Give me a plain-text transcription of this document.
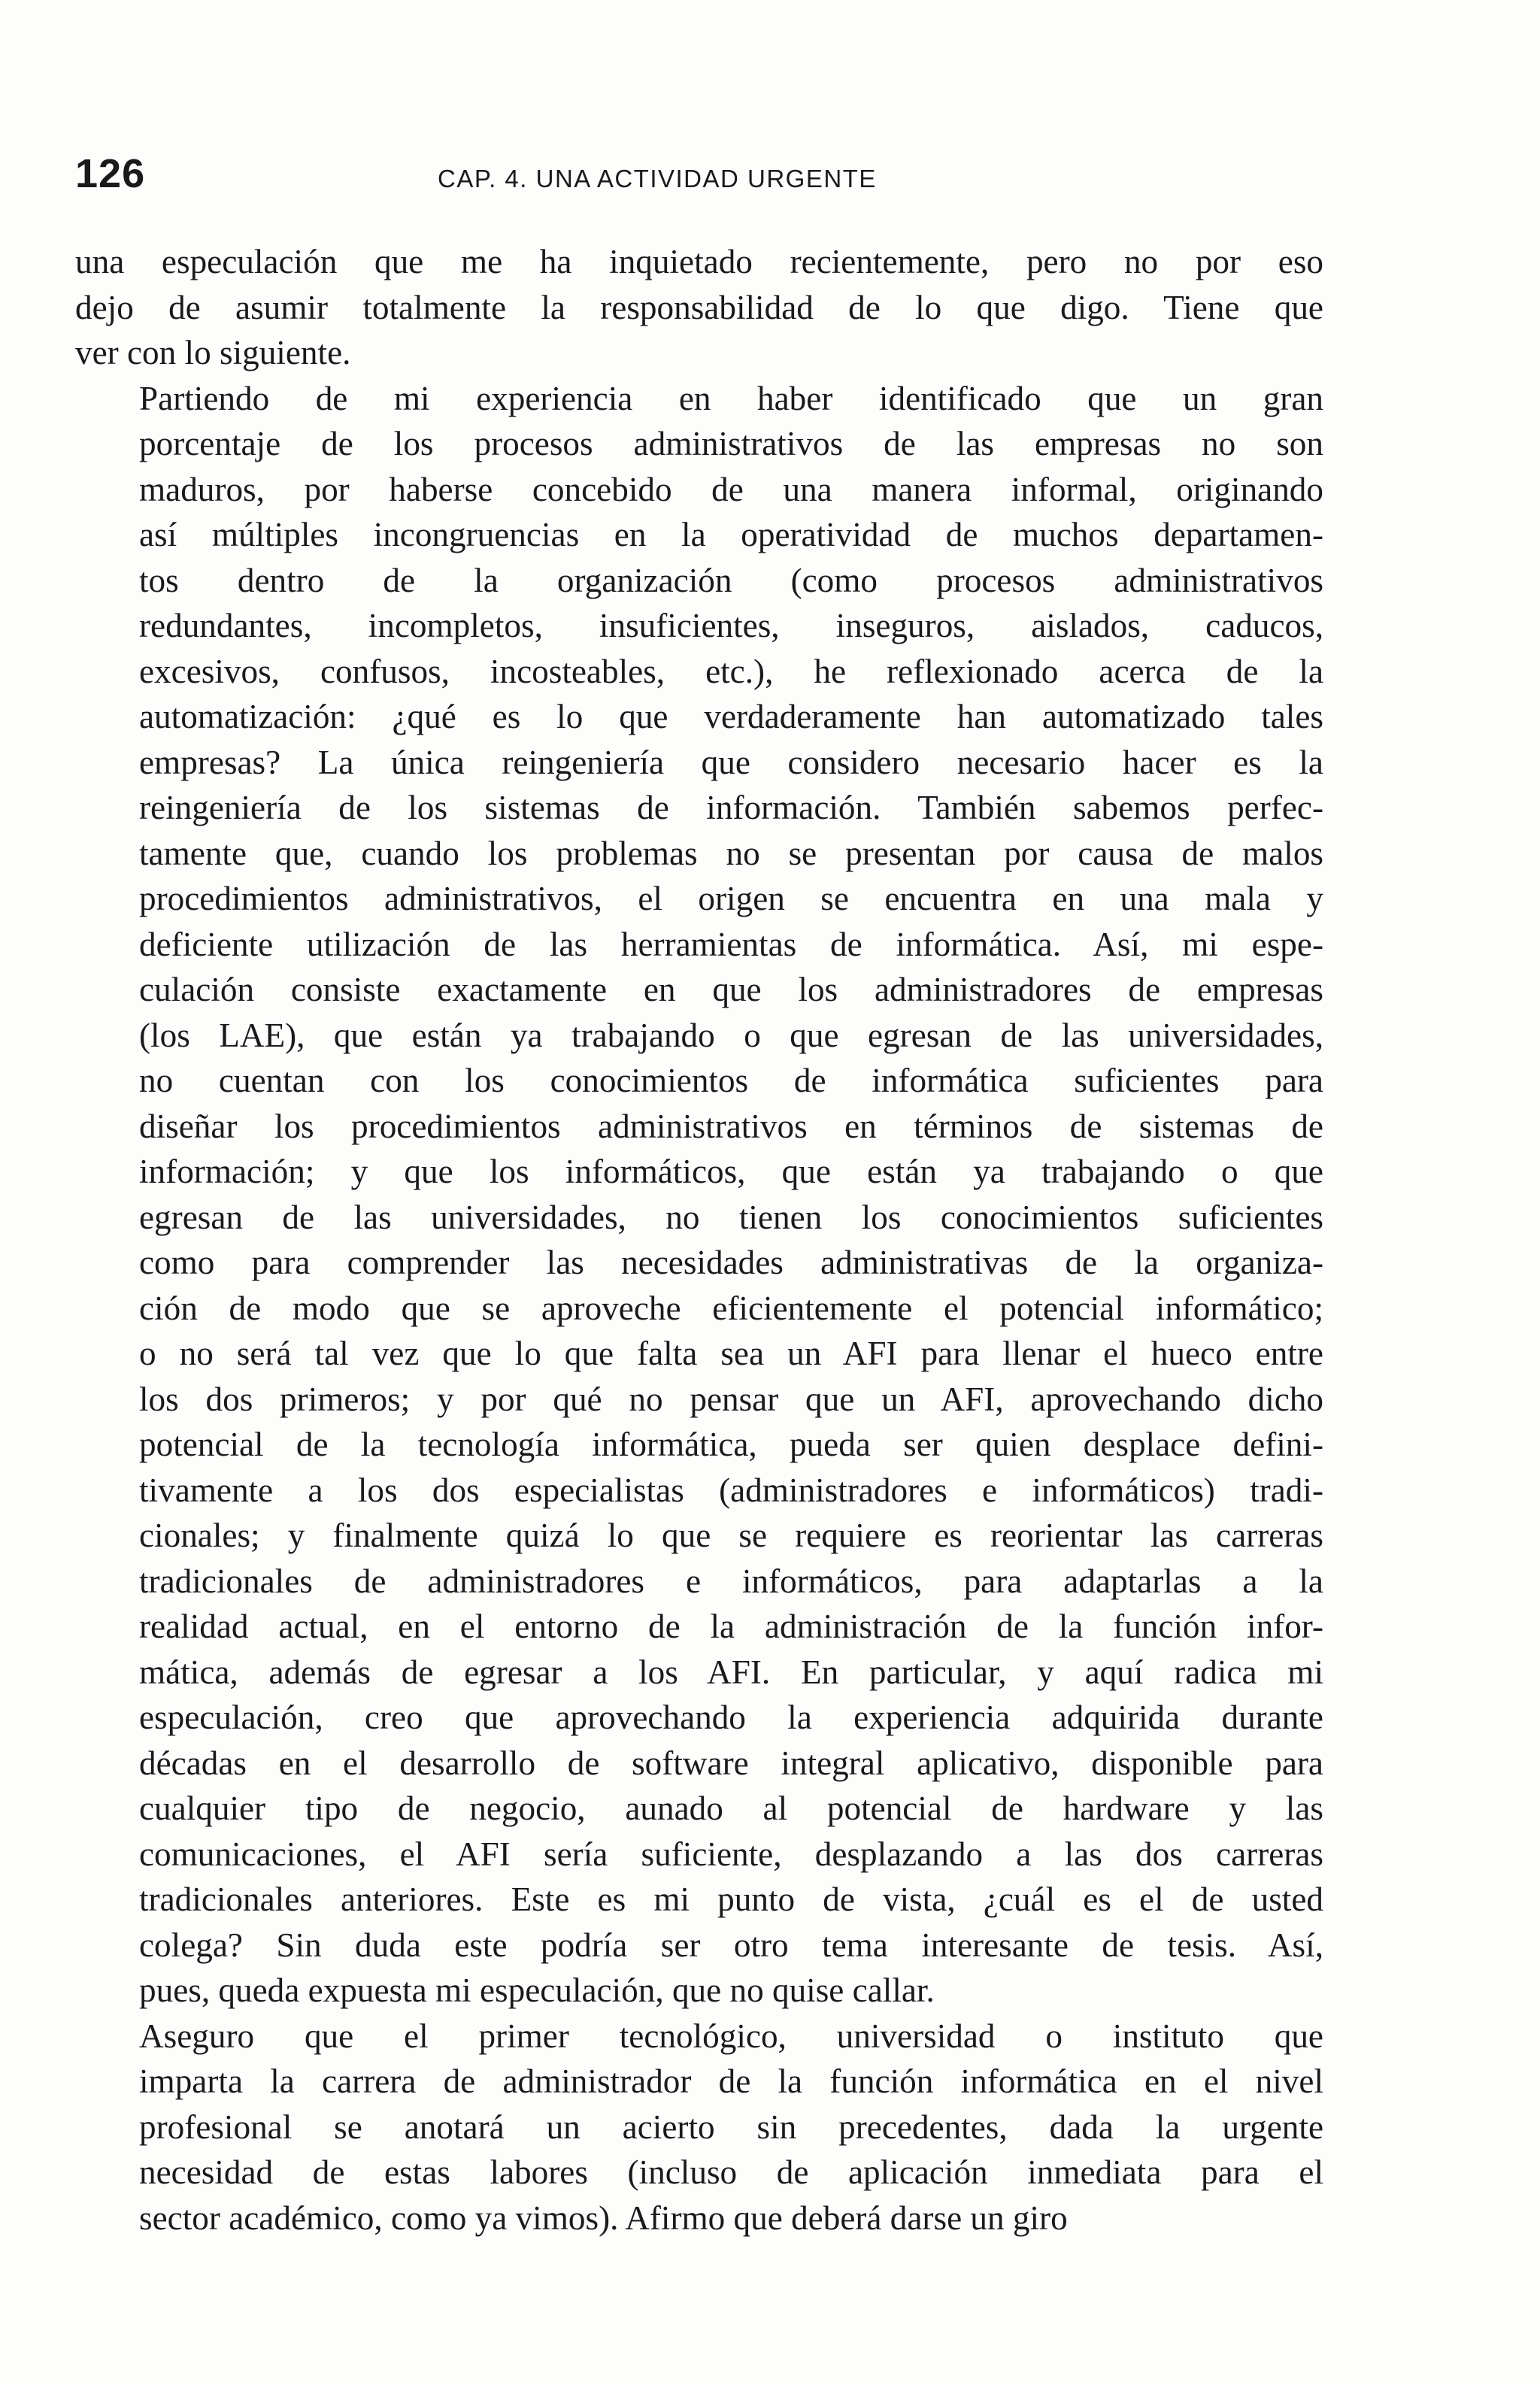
126	CAP. 4. UNA ACTIVIDAD URGENTE
una especulación que me ha inquietado recientemente, pero no por eso
dejo de asumir totalmente la responsabilidad de lo que digo. Tiene que
ver con lo siguiente.
Partiendo de mi experiencia en haber identificado que un gran
porcentaje de los procesos administrativos de las empresas no son
maduros, por haberse concebido de una manera informal, originando
así múltiples incongruencias en la operatividad de muchos departamen-
tos dentro de la organización (como procesos administrativos
redundantes, incompletos, insuficientes, inseguros, aislados, caducos,
excesivos, confusos, incosteables, etc.), he reflexionado acerca de la
automatización: ¿qué es lo que verdaderamente han automatizado tales
empresas? La única reingeniería que considero necesario hacer es la
reingeniería de los sistemas de información. También sabemos perfec-
tamente que, cuando los problemas no se presentan por causa de malos
procedimientos administrativos, el origen se encuentra en una mala y
deficiente utilización de las herramientas de informática. Así, mi espe-
culación consiste exactamente en que los administradores de empresas
(los LAE), que están ya trabajando o que egresan de las universidades,
no cuentan con los conocimientos de informática suficientes para
diseñar los procedimientos administrativos en términos de sistemas de
información; y que los informáticos, que están ya trabajando o que
egresan de las universidades, no tienen los conocimientos suficientes
como para comprender las necesidades administrativas de la organiza-
ción de modo que se aproveche eficientemente el potencial informático;
o no será tal vez que lo que falta sea un AFI para llenar el hueco entre
los dos primeros; y por qué no pensar que un AFI, aprovechando dicho
potencial de la tecnología informática, pueda ser quien desplace defini-
tivamente a los dos especialistas (administradores e informáticos) tradi-
cionales; y finalmente quizá lo que se requiere es reorientar las carreras
tradicionales de administradores e informáticos, para adaptarlas a la
realidad actual, en el entorno de la administración de la función infor-
mática, además de egresar a los AFI. En particular, y aquí radica mi
especulación, creo que aprovechando la experiencia adquirida durante
décadas en el desarrollo de software integral aplicativo, disponible para
cualquier tipo de negocio, aunado al potencial de hardware y las
comunicaciones, el AFI sería suficiente, desplazando a las dos carreras
tradicionales anteriores. Este es mi punto de vista, ¿cuál es el de usted
colega? Sin duda este podría ser otro tema interesante de tesis. Así,
pues, queda expuesta mi especulación, que no quise callar.
Aseguro que el primer tecnológico, universidad o instituto que
imparta la carrera de administrador de la función informática en el nivel
profesional se anotará un acierto sin precedentes, dada la urgente
necesidad de estas labores (incluso de aplicación inmediata para el
sector académico, como ya vimos). Afirmo que deberá darse un giro
